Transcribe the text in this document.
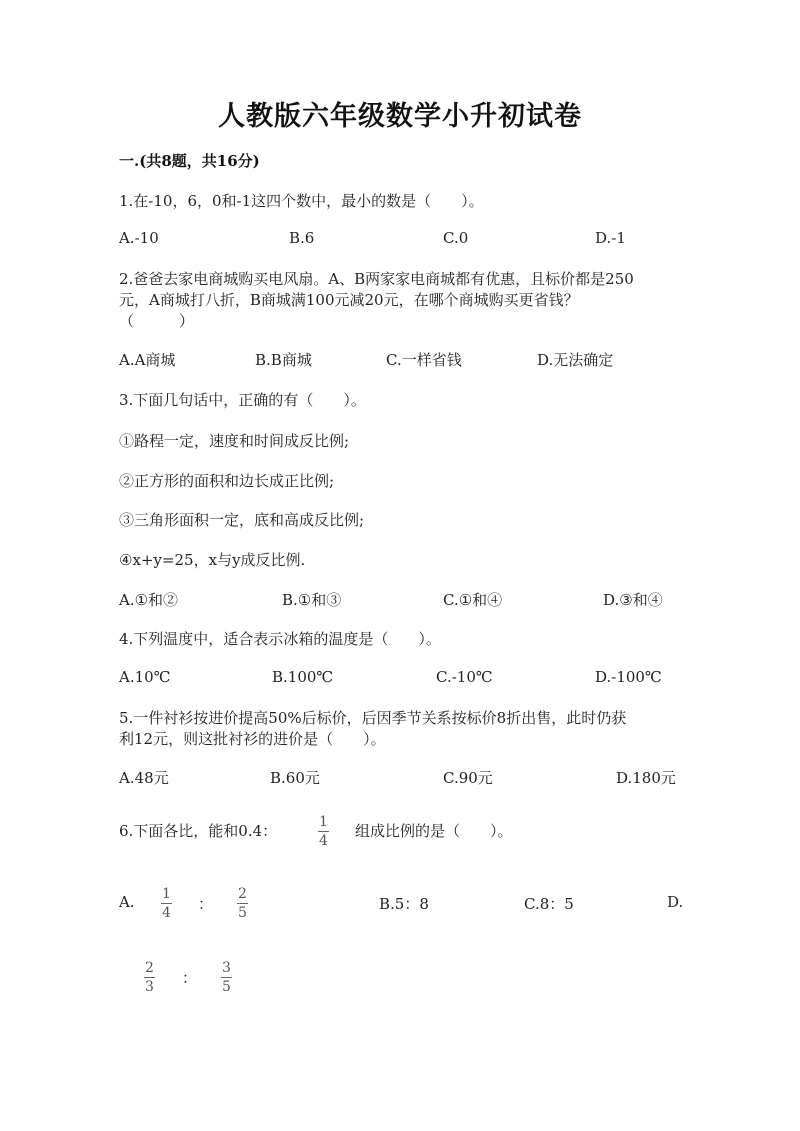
人教版六年级数学小升初试卷
一.(共8题，共16分)
1.在-10，6，0和-1这四个数中，最小的数是（　　）。
A.-10	B.6	C.0	D.-1
2.爸爸去家电商城购买电风扇。A、B两家家电商城都有优惠，且标价都是250
元，A商城打八折，B商城满100元减20元，在哪个商城购买更省钱？
（　　　）
A.A商城	B.B商城	C.一样省钱	D.无法确定
3.下面几句话中，正确的有（　　）。
①路程一定，速度和时间成反比例;
②正方形的面积和边长成正比例;
③三角形面积一定，底和高成反比例;
④x+y=25，x与y成反比例.
A.①和②	B.①和③	C.①和④	D.③和④
4.下列温度中，适合表示冰箱的温度是（　　）。
A.10℃	B.100℃	C.-10℃	D.-100℃
5.一件衬衫按进价提高50%后标价，后因季节关系按标价8折出售，此时仍获
利12元，则这批衬衫的进价是（　　）。
A.48元	B.60元	C.90元	D.180元
6.下面各比，能和0.4：	1
4
组成比例的是（　　）。
A. 1
4 ：
2
5	B.5：8	C.8：5	D.
2
3 ：
3
5
